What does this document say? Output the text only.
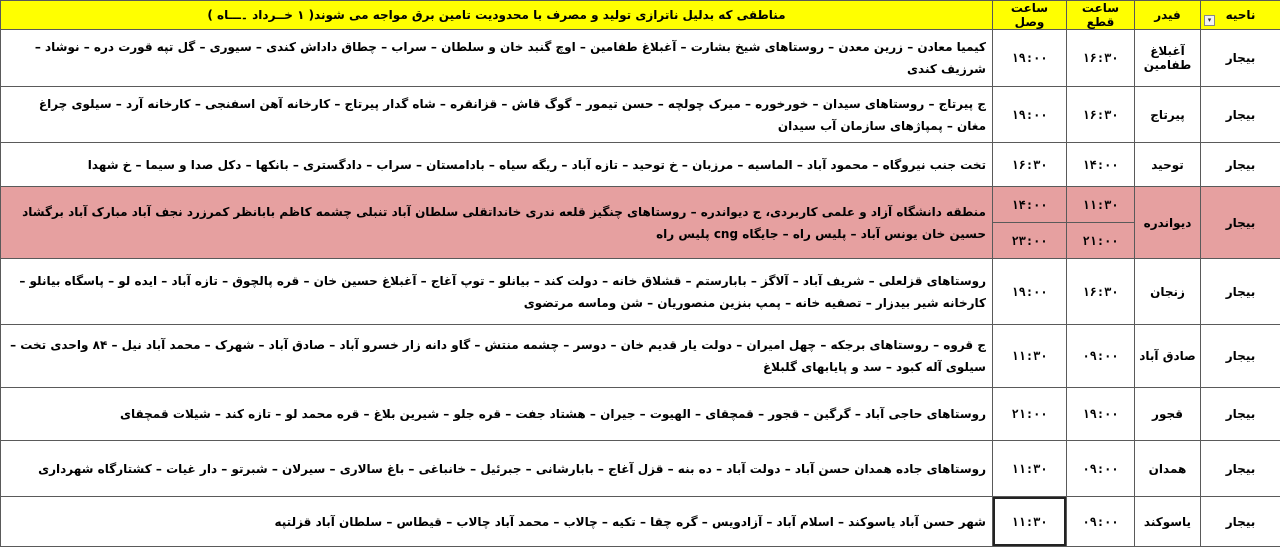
ناحیه
▾	فیدر	ساعت قطع	ساعت وصل	مناطقی که بدلیل ناترازی تولید و مصرف با محدودیت تامین برق مواجه می شوند( ۱ خــرداد ۔ـــاه )
بیجار	آغبلاغ طفامین	۱۶:۳۰	۱۹:۰۰	کیمیا معادن – زرین معدن – روستاهای شیخ بشارت – آغبلاغ طفامین – اوچ گنبد خان و سلطان – سراب – چطاق داداش کندی – سیوری – گل تپه قورت دره – نوشاد – شرزیف کندی
بیجار	پیرتاج	۱۶:۳۰	۱۹:۰۰	ج پیرتاج – روستاهای سیدان – خورخوره – میرک چولچه – حسن تیمور – گوگ قاش – قزانقره – شاه گدار پیرتاج – کارخانه آهن اسفنجی – کارخانه آرد – سیلوی چراغ مغان – پمپاژهای سازمان آب سیدان
بیجار	توحید	۱۴:۰۰	۱۶:۳۰	تخت جنب نیروگاه – محمود آباد – الماسیه – مرزبان – خ توحید – تازه آباد – ریگه سیاه – بادامستان – سراب – دادگستری – بانکها – دکل صدا و سیما – خ شهدا
بیجار	دیواندره	۱۱:۳۰	۱۴:۰۰	منطقه دانشگاه آزاد و علمی کاربردی، ج دیواندره – روستاهای چنگیز قلعه ندری خانداتقلی سلطان آباد تنبلی چشمه کاظم بابانظر کمرزرد نجف آباد مبارک آباد برگشاد حسین خان یونس آباد – پلیس راه – جایگاه cng پلیس راه
		۲۱:۰۰	۲۳:۰۰	
بیجار	زنجان	۱۶:۳۰	۱۹:۰۰	روستاهای قزلعلی – شریف آباد – آلاگز – بابارستم – قشلاق خانه – دولت کند – بیانلو – توپ آغاج – آغبلاغ حسین خان – قره پالچوق – تازه آباد – ایده لو – پاسگاه بیانلو – کارخانه شیر بیدزار – تصفیه خانه – پمپ بنزین منصوریان – شن وماسه مرتضوی
بیجار	صادق آباد	۰۹:۰۰	۱۱:۳۰	ج قروه – روستاهای برجکه – چهل امیران – دولت یار قدیم خان – دوسر – چشمه منتش – گاو دانه زار خسرو آباد – صادق آباد – شهرک – محمد آباد نیل – ۸۴ واحدی تخت – سیلوی آله کبود – سد و پایابهای گلبلاغ
بیجار	قجور	۱۹:۰۰	۲۱:۰۰	روستاهای حاجی آباد – گرگین – قجور – قمچقای – الهیوت – جیران – هشتاد جفت – قره جلو – شیرین بلاغ – قره محمد لو – تازه کند – شیلات قمچقای
بیجار	همدان	۰۹:۰۰	۱۱:۳۰	روستاهای جاده همدان حسن آباد – دولت آباد – ده بنه – قزل آغاج – بابارشانی – جبرئیل – خانباغی – باغ سالاری – سیرلان – شبرتو – دار غیات – کشتارگاه شهرداری
بیجار	یاسوکند	۰۹:۰۰	۱۱:۳۰	شهر حسن آباد یاسوکند – اسلام آباد – آزادویس – گره چقا – تکیه – چالاب – محمد آباد چالاب – قیطاس – سلطان آباد قزلتپه
